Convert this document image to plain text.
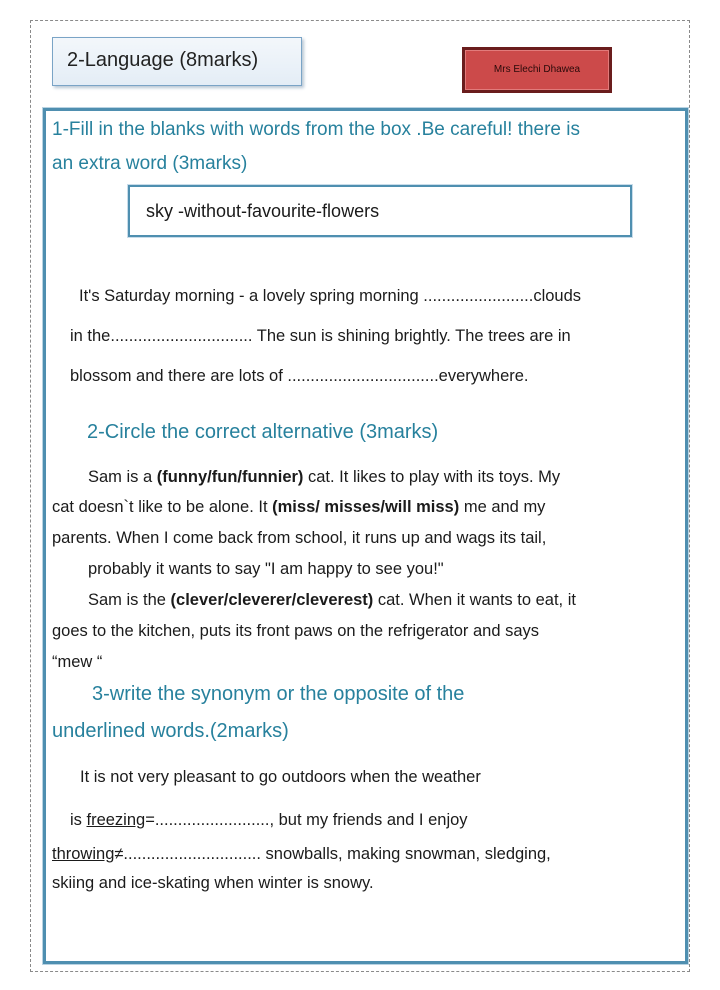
2-Language (8marks)	Mrs Elechi Dhawea
1-Fill in the blanks with words from the box .Be careful! there is
an extra word (3marks)
sky -without-favourite-flowers
It's Saturday morning - a lovely spring morning ........................clouds
in the............................... The sun is shining brightly. The trees are in
blossom and there are lots of .................................everywhere.
2-Circle the correct alternative (3marks)
Sam is a (funny/fun/funnier) cat. It likes to play with its toys. My
cat doesn`t like to be alone. It (miss/ misses/will miss) me and my
parents. When I come back from school, it runs up and wags its tail,
probably it wants to say "I am happy to see you!"
Sam is the (clever/cleverer/cleverest) cat. When it wants to eat, it
goes to the kitchen, puts its front paws on the refrigerator and says
“mew “
3-write the synonym or the opposite of the
underlined words.(2marks)
It is not very pleasant to go outdoors when the weather
is freezing=........................., but my friends and I enjoy
throwing≠.............................. snowballs, making snowman, sledging,
skiing and ice-skating when winter is snowy.
